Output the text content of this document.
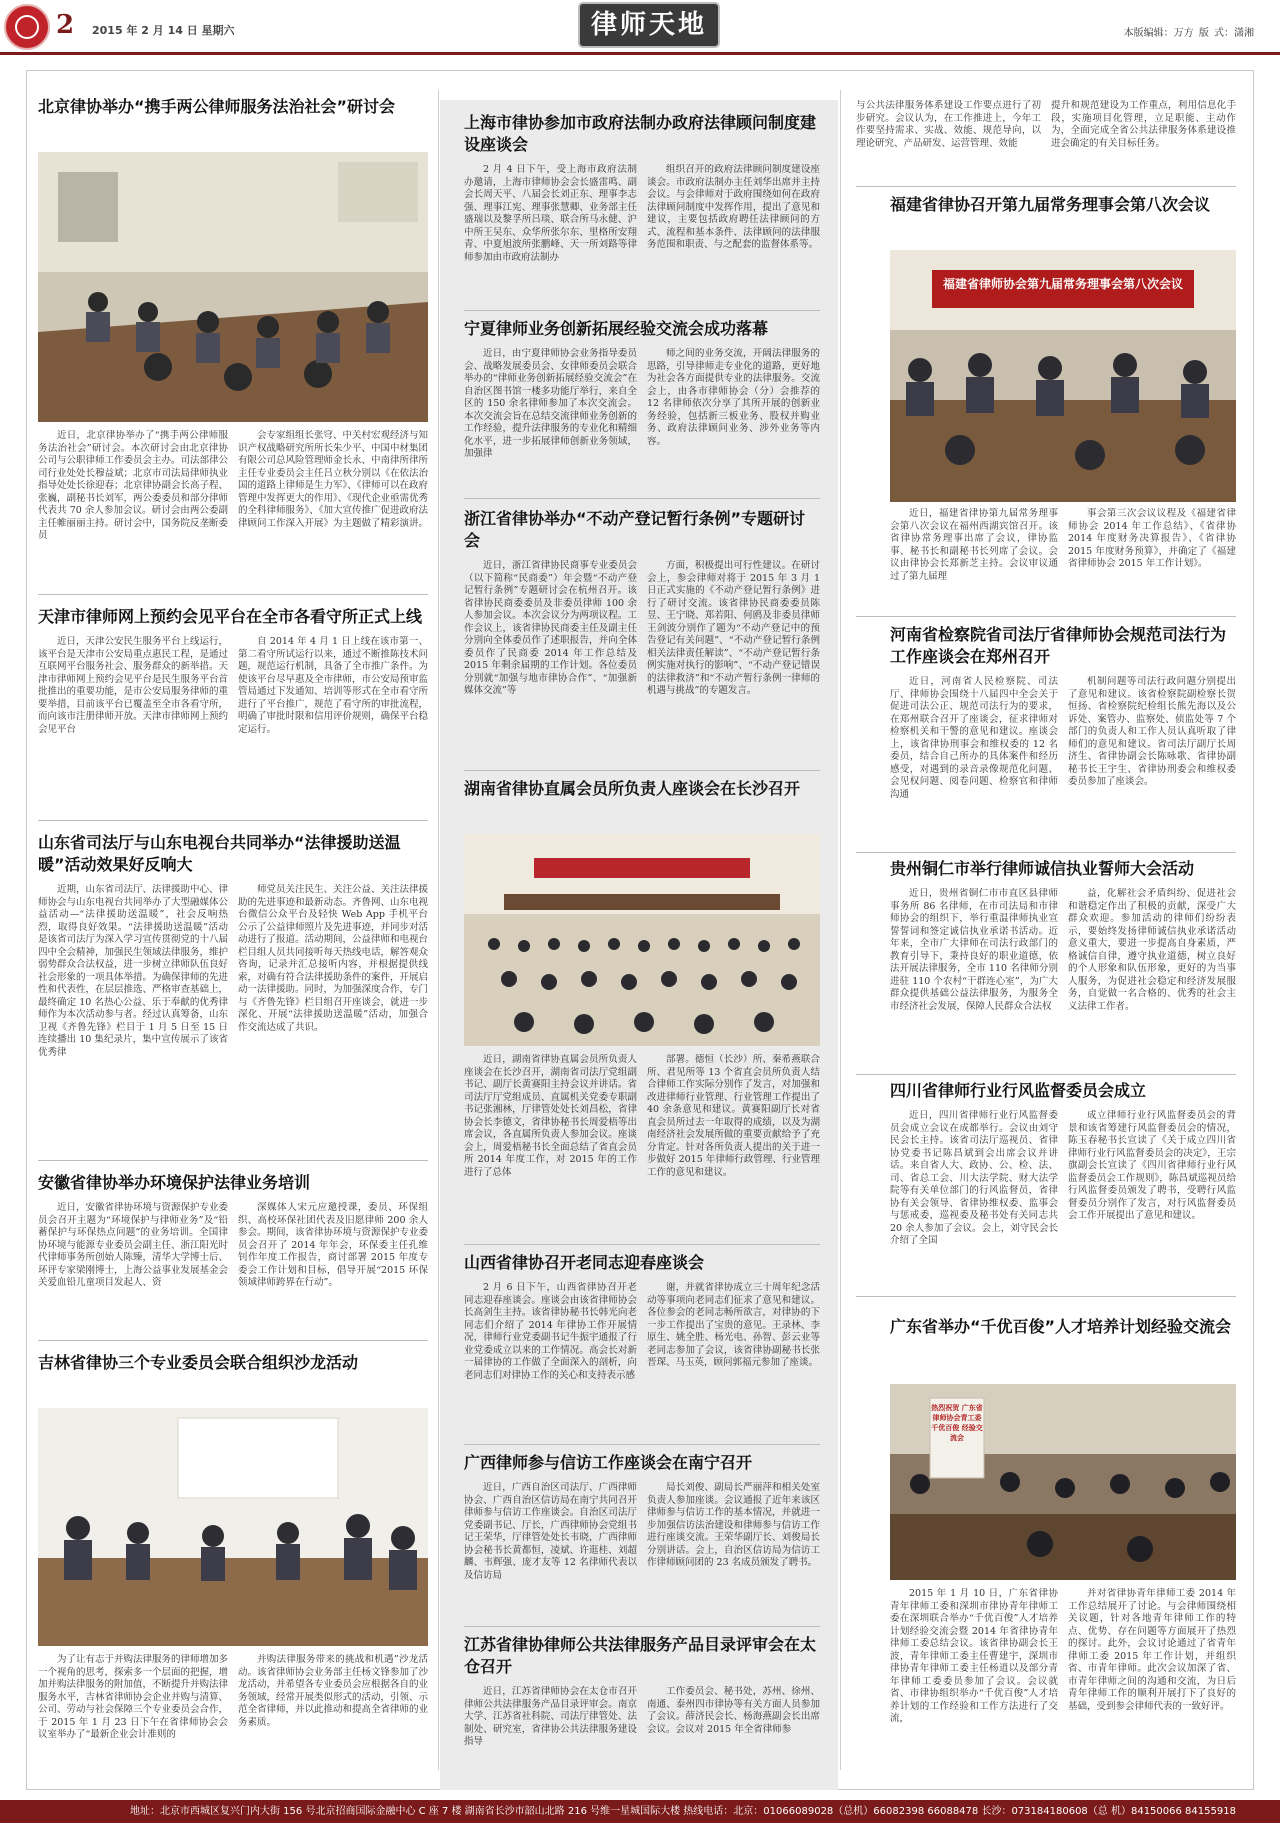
2 2015 年 2 月 14 日 星期六	律师天地	本版编辑：万方 版 式：潇湘
北京律协举办“携手两公律师服务法治社会”研讨会
近日，北京律协举办了“携手两公律师服务法治社会”研讨会。本次研讨会由北京律协公司与公职律师工作委员会主办。司法部律公司行业处处长穆益斌；北京市司法局律师执业指导处处长徐迎春；北京律协副会长高子程、张巍，副秘书长刘军，两公委委员和部分律师代表共 70 余人参加会议。研讨会由两公委副主任帷丽丽主持。研讨会中，国务院反垄断委员
会专家组组长张穹、中关村宏观经济与知识产权战略研究所所长朱少平、中国中材集团有限公司总风险管理师金长永、中南律所律所主任专业委员会主任吕立秋分别以《在依法治国的道路上律师是生力军》、《律师可以在政府管理中发挥更大的作用》、《现代企业亟需优秀的全科律师服务》、《加大宣传推广促进政府法律顾问工作深入开展》为主题做了精彩演讲。
天津市律师网上预约会见平台在全市各看守所正式上线
近日，天津公安民生服务平台上线运行，该平台是天津市公安局重点惠民工程，是通过互联网平台服务社会、服务群众的新举措。天津市律师网上预约会见平台是民生服务平台首批推出的重要功能，是市公安局服务律师的重要举措，目前该平台已覆盖至全市各看守所，而向该市注册律师开放。天津市律师网上预约会见平台
自 2014 年 4 月 1 日上线在该市第一、第二看守所试运行以来，通过不断推陈技术问题，规范运行机制，具备了全市推广条件。为使该平台尽早惠及全市律师，市公安局预审监管局通过下发通知、培训等形式在全市看守所进行了平台推广，规范了看守所的审批流程，明确了审批时限和信用评价规则，确保平台稳定运行。
山东省司法厅与山东电视台共同举办“法律援助送温暖”活动效果好反响大
近期，山东省司法厅、法律援助中心、律师协会与山东电视台共同举办了大型融媒体公益活动—“法律援助送温暖”，社会反响热烈，取得良好效果。“法律援助送温暖”活动是该省司法厅为深入学习宣传贯彻党的十八届四中全会精神，加强民生领域法律服务，维护弱势群众合法权益，进一步树立律师队伍良好社会形象的一项具体举措。为确保律师的先进性和代表性，在层层推选、严格审查基础上，最终确定 10 名热心公益、乐于奉献的优秀律师作为本次活动参与者。经过认真筹备，山东卫视《齐鲁先锋》栏目于 1 月 5 日至 15 日连续播出 10 集纪录片，集中宣传展示了该省优秀律
师党员关注民生、关注公益、关注法律援助的先进事迹和最新动态。齐鲁网、山东电视台微信公众平台及轻快 Web App 手机平台公示了公益律师照片及先进事迹，并同步对活动进行了报道。活动期间，公益律师和电视台栏目组人员共同接听每天热线电话，解答观众咨询，记录并汇总接听内容，并根据提供线索，对确有符合法律援助条件的案件，开展启动一法律援助。同时，为加强深度合作，专门与《齐鲁先锋》栏目组召开座谈会，就进一步深化、开展“法律援助送温暖”活动，加强合作交流达成了共识。
安徽省律协举办环境保护法律业务培训
近日，安徽省律协环境与资源保护专业委员会召开主题为“环境保护与律师业务”及“铅蓄保护与环保热点问题”的业务培训。全国律协环境与能源专业委员会副主任、浙江阳光时代律师事务所创始人陈臻，清华大学博士后、环评专家梁刚博士，上海公益事业发展基金会关爱血铅儿童项目发起人、资
深媒体人宋元应邀授课，委员、环保组织、高校环保社团代表及旧愿律师 200 余人参会。期间，该省律协环境与资源保护专业委员会召开了 2014 年年会，环保委主任孔维钊作年度工作报告，商讨部署 2015 年度专委会工作计划和目标，倡导开展“2015 环保领域律师跨界在行动”。
吉林省律协三个专业委员会联合组织沙龙活动
为了让有志于并购法律服务的律师增加多一个视角的思考，探索多一个层面的把握，增加并购法律服务的附加值，不断提升并购法律服务水平，吉林省律师协会企业并购与清算、公司、劳动与社会保障三个专业委员会合作，于 2015 年 1 月 23 日下午在省律师协会会议室举办了“最新企业会计准则的
并购法律服务带来的挑战和机遇”沙龙活动。该省律师协会业务部主任杨文锋参加了沙龙活动，并希望各专业委员会应根据各自的业务领域，经常开展类似形式的活动，引领、示范全省律师，并以此推动和提高全省律师的业务素质。
上海市律协参加市政府法制办政府法律顾问制度建设座谈会
2 月 4 日下午，受上海市政府法制办邀请，上海市律师协会会长盛雷鸣、副会长周天平、八届会长刘正东、理事李志强、理事江宪、理事张慧卿、业务部主任盛瑞以及黎孚所吕琰、联合所马永健、沪中所王吴东、众华所张尔东、里格所安翔青、中夏旭波所张鹏峰、天一所刘路等律师参加由市政府法制办
组织召开的政府法律顾问制度建设座谈会。市政府法制办主任刘华出席并主持会议。与会律师对于政府围绕如何在政府法律顾问制度中发挥作用，提出了意见和建议，主要包括政府聘任法律顾问的方式、流程和基本条件、法律顾问的法律服务范围和职责、与之配套的监督体系等。
宁夏律师业务创新拓展经验交流会成功落幕
近日，由宁夏律师协会业务指导委员会、战略发展委员会、女律师委员会联合举办的“律师业务创新拓展经验交流会”在自治区图书馆一楼多功能厅举行，来自全区的 150 余名律师参加了本次交流会。本次交流会旨在总结交流律师业务创新的工作经验，提升法律服务的专业化和精细化水平，进一步拓展律师创新业务领域，加强律
师之间的业务交流，开阔法律服务的思路，引导律师走专业化的道路，更好地为社会各方面提供专业的法律服务。交流会上，由各市律师协会（分）会推荐的 12 名律师依次分享了其所开展的创新业务经验，包括新三板业务、股权并购业务、政府法律顾问业务、涉外业务等内容。
浙江省律协举办“不动产登记暂行条例”专题研讨会
近日，浙江省律协民商事专业委员会（以下简称“民商委”）年会暨“不动产登记暂行条例”专题研讨会在杭州召开。该省律协民商委委员及非委员律师 100 余人参加会议。本次会议分为两项议程。工作会议上，该省律协民商委主任及副主任分别向全体委员作了述职报告，并向全体委员作了民商委 2014 年工作总结及 2015 年剩余届期的工作计划。各位委员分别就“加强与地市律协合作”、“加强新媒体交流”等
方面，积极提出可行性建议。在研讨会上，参会律师对将于 2015 年 3 月 1 日正式实施的《不动产登记暂行条例》进行了研讨交流。该省律协民商委委员陈昱、王宁晓、郑若阳、何鸥及非委员律师王剑波分别作了题为“不动产登记中的预告登记有关问题”、“不动产登记暂行条例相关法律责任解读”、“不动产登记暂行条例实施对执行的影响”、“不动产登记错误的法律救济”和“不动产暂行条例一律师的机遇与挑战”的专题发言。
湖南省律协直属会员所负责人座谈会在长沙召开
近日，湖南省律协直属会员所负责人座谈会在长沙召开，湖南省司法厅党组副书记、副厅长黄赛阳主持会议并讲话。省司法厅厅党组成员、直属机关党委专职副书记张湘林，厅律管处处长刘昌松，省律协会长李德文，省律协秘书长周爱梧等出席会议，各直属所负责人参加会议。座谈会上，周爱梧秘书长全面总结了省直会员所 2014 年度工作，对 2015 年的工作进行了总体
部署。德恒（长沙）所、秦希燕联合所、君见所等 13 个省直会员所负责人结合律师工作实际分别作了发言，对加强和改进律师行业管理、行业管理工作提出了 40 余条意见和建议。黄赛阳副厅长对省直会员所过去一年取得的成绩，以及为湖南经济社会发展所做的重要贡献给予了充分肯定。针对各所负责人提出的关于进一步做好 2015 年律师行政管理、行业管理工作的意见和建议。
山西省律协召开老同志迎春座谈会
2 月 6 日下午，山西省律协召开老同志迎春座谈会。座谈会由该省律师协会长高剑生主持。该省律协秘书长韩光向老同志们介绍了 2014 年律协工作开展情况，律师行业党委副书记牛振宇通报了行业党委成立以来的工作情况。高会长对新一届律协的工作做了全面深入的剖析，向老同志们对律协工作的关心和支持表示感
谢，并就省律协成立三十周年纪念活动等事项向老同志们征求了意见和建议。各位参会的老同志畅所欲言，对律协的下一步工作提出了宝贵的意见。王录林、李原生、姚全胜、杨光电、孙智、彭云业等老同志参加了会议，该省律协副秘书长张晋琛、马玉英，顾问郭福元参加了座谈。
广西律师参与信访工作座谈会在南宁召开
近日，广西自治区司法厅、广西律师协会、广西自治区信访局在南宁共同召开律师参与信访工作座谈会。自治区司法厅党委副书记、厅长，广西律师协会党组书记王荣华，厅律管处处长韦晓，广西律师协会秘书长黄都恒，凌斌、许逛桂、刘超麟、韦辉强、庞才友等 12 名律师代表以及信访局
局长刘俊、副局长严丽萍和相关处室负责人参加座谈。会议通报了近年来该区律师参与信访工作的基本情况，并就进一步加强信访法治建设和律师参与信访工作进行座谈交流。王荣华副厅长、刘俊局长分别讲话。会上，自治区信访局为信访工作律师顾问团的 23 名成员颁发了聘书。
江苏省律协律师公共法律服务产品目录评审会在太仓召开
近日，江苏省律师协会在太仓市召开律师公共法律服务产品目录评审会。南京大学、江苏省社科院、司法厅律管处、法制处、研究室，省律协公共法律服务建设指导
工作委员会、秘书处，苏州、徐州、南通、泰州四市律协等有关方面人员参加了会议。薛济民会长、杨海燕副会长出席会议。会议对 2015 年全省律师参
与公共法律服务体系建设工作要点进行了初步研究。会议认为，在工作推进上，今年工作要坚持需求、实战、效能、规范导向，以理论研究、产品研发、运营管理、效能
提升和规范建设为工作重点，利用信息化手段，实施项目化管理，立足职能、主动作为，全面完成全省公共法律服务体系建设推进会确定的有关目标任务。
福建省律协召开第九届常务理事会第八次会议
福建省律师协会第九届常务理事会第八次会议
近日，福建省律协第九届常务理事会第八次会议在福州西湖宾馆召开。该省律协常务理事出席了会议，律协监事、秘书长和副秘书长列席了会议。会议由律协会长郑新芝主持。会议审议通过了第九届理
事会第三次会议议程及《福建省律师协会 2014 年工作总结》、《省律协 2014 年度财务决算报告》、《省律协 2015 年度财务预算》，并确定了《福建省律师协会 2015 年工作计划》。
河南省检察院省司法厅省律师协会规范司法行为工作座谈会在郑州召开
近日，河南省人民检察院、司法厅、律师协会围绕十八届四中全会关于促进司法公正、规范司法行为的要求，在郑州联合召开了座谈会，征求律师对检察机关和干警的意见和建议。座谈会上，该省律协刑事会和维权委的 12 名委员，结合自己所办的具体案件和经历感受，对遇到的录音录像规范化问题、会见权问题、阅卷问题、检察官和律师沟通
机制问题等司法行政问题分别提出了意见和建议。该省检察院副检察长贺恒扬、省检察院纪检组长熊先海以及公诉处、案管办、监察处、侦监处等 7 个部门的负责人和工作人员认真听取了律师们的意见和建议。省司法厅副厅长周济生、省律协副会长陈咏歌、省律协副秘书长王宇生、省律协刑委会和维权委委员参加了座谈会。
贵州铜仁市举行律师诚信执业誓师大会活动
近日，贵州省铜仁市市直区县律师事务所 86 名律师，在市司法局和市律师协会的组织下，举行重温律师执业宣誓誓词和签定诚信执业承诺书活动。近年来，全市广大律师在司法行政部门的教育引导下，秉持良好的职业道德，依法开展法律服务，全市 110 名律师分别进驻 110 个农村“干群连心室”，为广大群众提供基础公益法律服务，为服务全市经济社会发展，保障人民群众合法权
益，化解社会矛盾纠纷、促进社会和谐稳定作出了积极的贡献，深受广大群众欢迎。参加活动的律师们纷纷表示，要始终发扬律师诚信执业承诺活动意义重大，要进一步提高自身素质，严格诚信自律，遵守执业道德，树立良好的个人形象和队伍形象，更好的为当事人服务，为促进社会稳定和经济发展服务，自觉做一名合格的、优秀的社会主义法律工作者。
四川省律师行业行风监督委员会成立
近日，四川省律师行业行风监督委员会成立会议在成都举行。会议由刘守民会长主持。该省司法厅巡视员、省律协党委书记陈昌斌到会出席会议并讲话。来自省人大、政协、公、检、法、司、省总工会、川大法学院、财大法学院等有关单位部门的行风监督员，省律协有关会领导、省律协维权委、监事会与惩戒委，巡视委及秘书处有关同志共 20 余人参加了会议。会上，刘守民会长介绍了全国
成立律师行业行风监督委员会的背景和该省筹建行风监督委员会的情况，陈玉春秘书长宣读了《关于成立四川省律师行业行风监督委员会的决定》，王宗旗副会长宣读了《四川省律师行业行风监督委员会工作规则》，陈昌斌巡视员给行风监督委员颁发了聘书，受聘行风监督委员分别作了发言，对行风监督委员会工作开展提出了意见和建议。
广东省举办“千优百俊”人才培养计划经验交流会
热烈祝贺 广东省律师协会青工委 千优百俊 经验交流会
2015 年 1 月 10 日，广东省律协青年律师工委和深圳市律协青年律师工委在深圳联合举办“千优百俊”人才培养计划经验交流会暨 2014 年省律协青年律师工委总结会议。该省律协副会长王波，青年律师工委主任曹建宇，深圳市律协青年律师工委主任杨逍以及部分青年律师工委委员参加了会议。会议就省、市律协组织举办“千优百俊”人才培养计划的工作经验和工作方法进行了交流，
并对省律协青年律师工委 2014 年工作总结展开了讨论。与会律师围绕相关议题，针对各地青年律师工作的特点、优势、存在问题等方面展开了热烈的探讨。此外，会议讨论通过了省青年律师工委 2015 年工作计划，并组织省、市青年律师。此次会议加深了省、市青年律师之间的沟通和交流，为日后青年律师工作的顺利开展打下了良好的基础，受到参会律师代表的一致好评。
地址：北京市西城区复兴门内大街 156 号北京招商国际金融中心 C 座 7 楼 湖南省长沙市韶山北路 216 号维一星城国际大楼 热线电话：北京：01066089028（总机）66082398 66088478 长沙：073184180608（总 机）84150066 84155918
